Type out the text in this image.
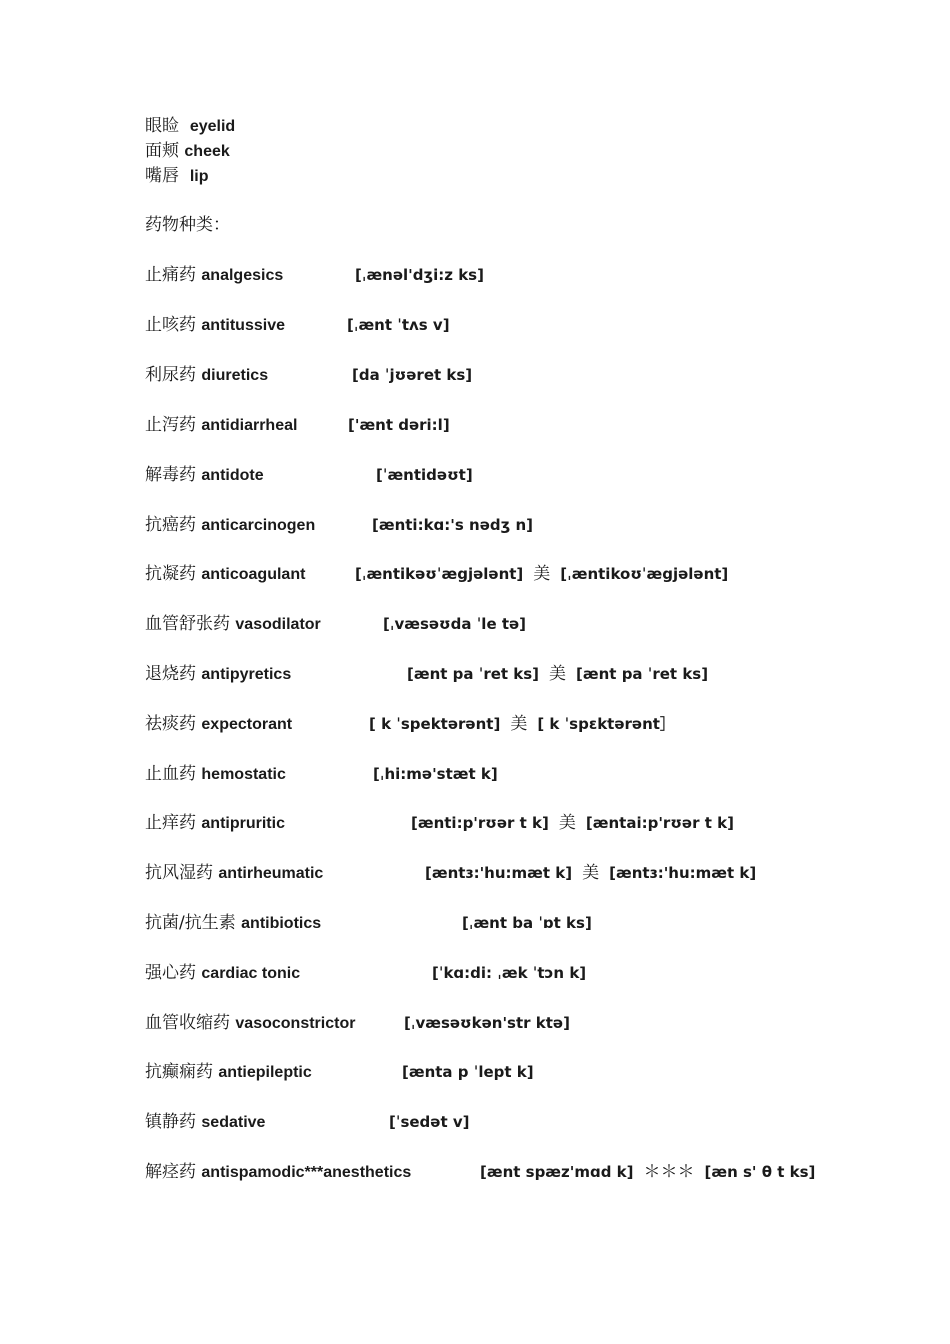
眼睑 eyelid
面颊 cheek
嘴唇 lip
药物种类：
止痛药 analgesics	[ˌænəl'dʒi:z ks]
止咳药 antitussive	[ˌænt ˈtʌs v]
利尿药 diuretics	[da ˈjʊəret ks]
止泻药 antidiarrheal	['ænt dəri:l]
解毒药 antidote	[ˈæntidəʊt]
抗癌药 anticarcinogen	[ænti:kɑ:'s nədʒ n]
抗凝药 anticoagulant	[ˌæntikəʊˈægjələnt] 美 [ˌæntikoʊˈægjələnt]
血管舒张药 vasodilator	[ˌvæsəʊda ˈle tə]
退烧药 antipyretics	[ænt pa ˈret ks] 美 [ænt pa ˈret ks]
祛痰药 expectorant	[ k ˈspektərənt] 美 [ k ˈspɛktərənt］
止血药 hemostatic	[ˌhi:mə'stæt k]
止痒药 antipruritic	[ænti:p'rʊər t k] 美 [æntai:p'rʊər t k]
抗风湿药 antirheumatic	[æntɜ:'hu:mæt k] 美 [æntɜ:'hu:mæt k]
抗菌/抗生素 antibiotics	[ˌænt ba ˈɒt ks]
强心药 cardiac tonic	[ˈkɑ:di: ˌæk ˈtɔn k]
血管收缩药 vasoconstrictor	[ˌvæsəʊkən'str ktə]
抗癫痫药 antiepileptic	[ænta p ˈlept k]
镇静药 sedative	[ˈsedət v]
解痉药 antispamodic***anesthetics	[ænt spæz'mɑd k] ＊＊＊ [æn s' θ t ks]
